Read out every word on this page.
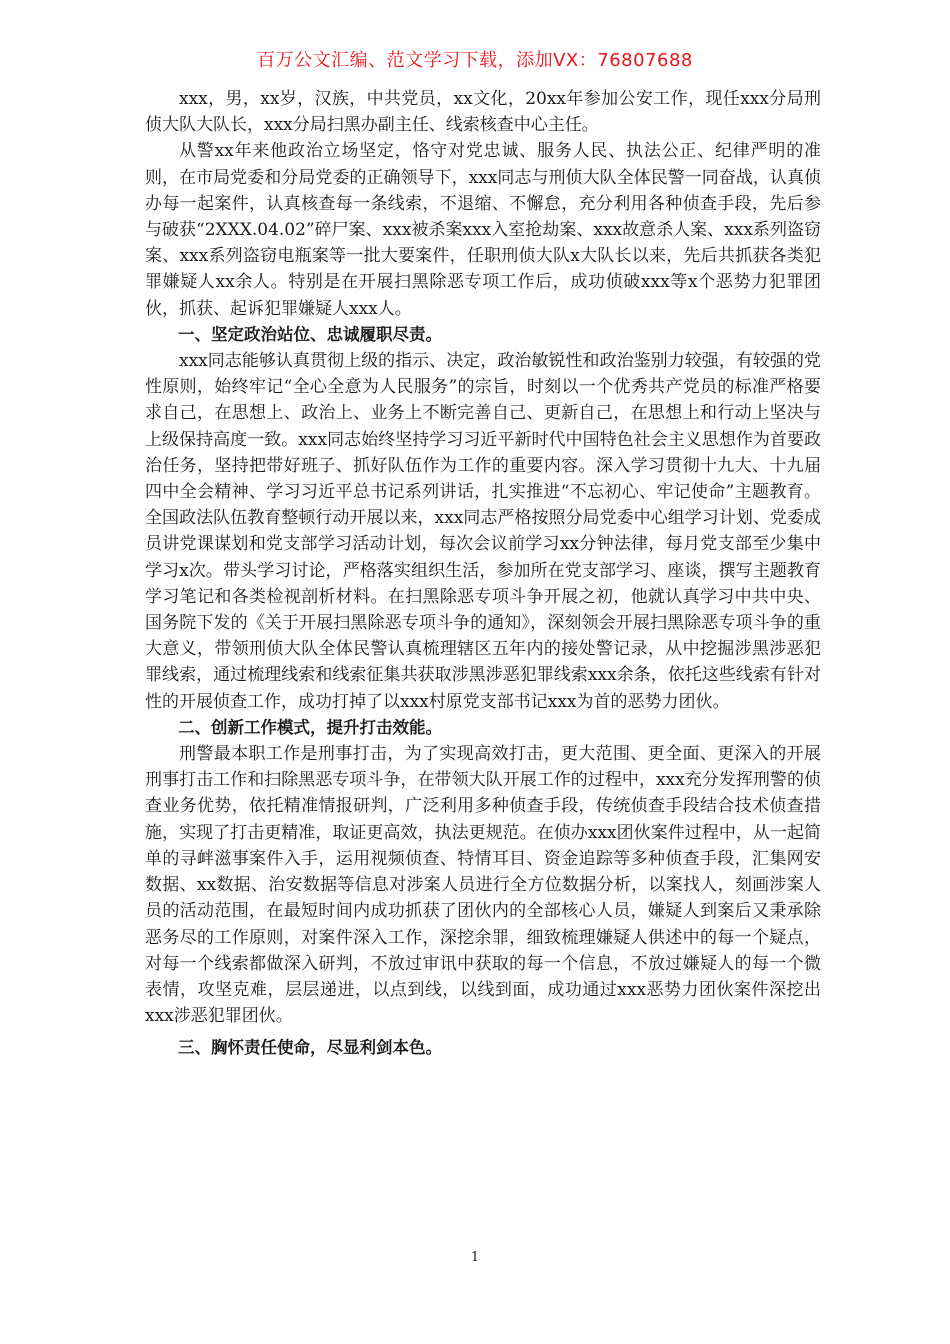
百万公文汇编、范文学习下载，添加VX：76807688

xxx，男，xx岁，汉族，中共党员，xx文化，20xx年参加公安工作，现任xxx分局刑侦大队大队长，xxx分局扫黑办副主任、线索核查中心主任。

从警xx年来他政治立场坚定，恪守对党忠诚、服务人民、执法公正、纪律严明的准则，在市局党委和分局党委的正确领导下，xxx同志与刑侦大队全体民警一同奋战，认真侦办每一起案件，认真核查每一条线索，不退缩、不懈怠，充分利用各种侦查手段，先后参与破获“2XXX.04.02”碎尸案、xxx被杀案xxx入室抢劫案、xxx故意杀人案、xxx系列盗窃案、xxx系列盗窃电瓶案等一批大要案件，任职刑侦大队x大队长以来，先后共抓获各类犯罪嫌疑人xx余人。特别是在开展扫黑除恶专项工作后，成功侦破xxx等x个恶势力犯罪团伙，抓获、起诉犯罪嫌疑人xxx人。

一、坚定政治站位、忠诚履职尽责。

xxx同志能够认真贯彻上级的指示、决定，政治敏锐性和政治鉴别力较强，有较强的党性原则，始终牢记“全心全意为人民服务”的宗旨，时刻以一个优秀共产党员的标准严格要求自己，在思想上、政治上、业务上不断完善自己、更新自己，在思想上和行动上坚决与上级保持高度一致。xxx同志始终坚持学习习近平新时代中国特色社会主义思想作为首要政治任务，坚持把带好班子、抓好队伍作为工作的重要内容。深入学习贯彻十九大、十九届四中全会精神、学习习近平总书记系列讲话，扎实推进“不忘初心、牢记使命”主题教育。全国政法队伍教育整顿行动开展以来，xxx同志严格按照分局党委中心组学习计划、党委成员讲党课谋划和党支部学习活动计划，每次会议前学习xx分钟法律，每月党支部至少集中学习x次。带头学习讨论，严格落实组织生活，参加所在党支部学习、座谈，撰写主题教育学习笔记和各类检视剖析材料。在扫黑除恶专项斗争开展之初，他就认真学习中共中央、国务院下发的《关于开展扫黑除恶专项斗争的通知》，深刻领会开展扫黑除恶专项斗争的重大意义，带领刑侦大队全体民警认真梳理辖区五年内的接处警记录，从中挖掘涉黑涉恶犯罪线索，通过梳理线索和线索征集共获取涉黑涉恶犯罪线索xxx余条，依托这些线索有针对性的开展侦查工作，成功打掉了以xxx村原党支部书记xxx为首的恶势力团伙。

二、创新工作模式，提升打击效能。

刑警最本职工作是刑事打击，为了实现高效打击，更大范围、更全面、更深入的开展刑事打击工作和扫除黑恶专项斗争，在带领大队开展工作的过程中，xxx充分发挥刑警的侦查业务优势，依托精准情报研判，广泛利用多种侦查手段，传统侦查手段结合技术侦查措施，实现了打击更精准，取证更高效，执法更规范。在侦办xxx团伙案件过程中，从一起简单的寻衅滋事案件入手，运用视频侦查、特情耳目、资金追踪等多种侦查手段，汇集网安数据、xx数据、治安数据等信息对涉案人员进行全方位数据分析，以案找人，刻画涉案人员的活动范围，在最短时间内成功抓获了团伙内的全部核心人员，嫌疑人到案后又秉承除恶务尽的工作原则，对案件深入工作，深挖余罪，细致梳理嫌疑人供述中的每一个疑点，对每一个线索都做深入研判，不放过审讯中获取的每一个信息，不放过嫌疑人的每一个微表情，攻坚克难，层层递进，以点到线，以线到面，成功通过xxx恶势力团伙案件深挖出xxx涉恶犯罪团伙。

三、胸怀责任使命，尽显利剑本色。

1
